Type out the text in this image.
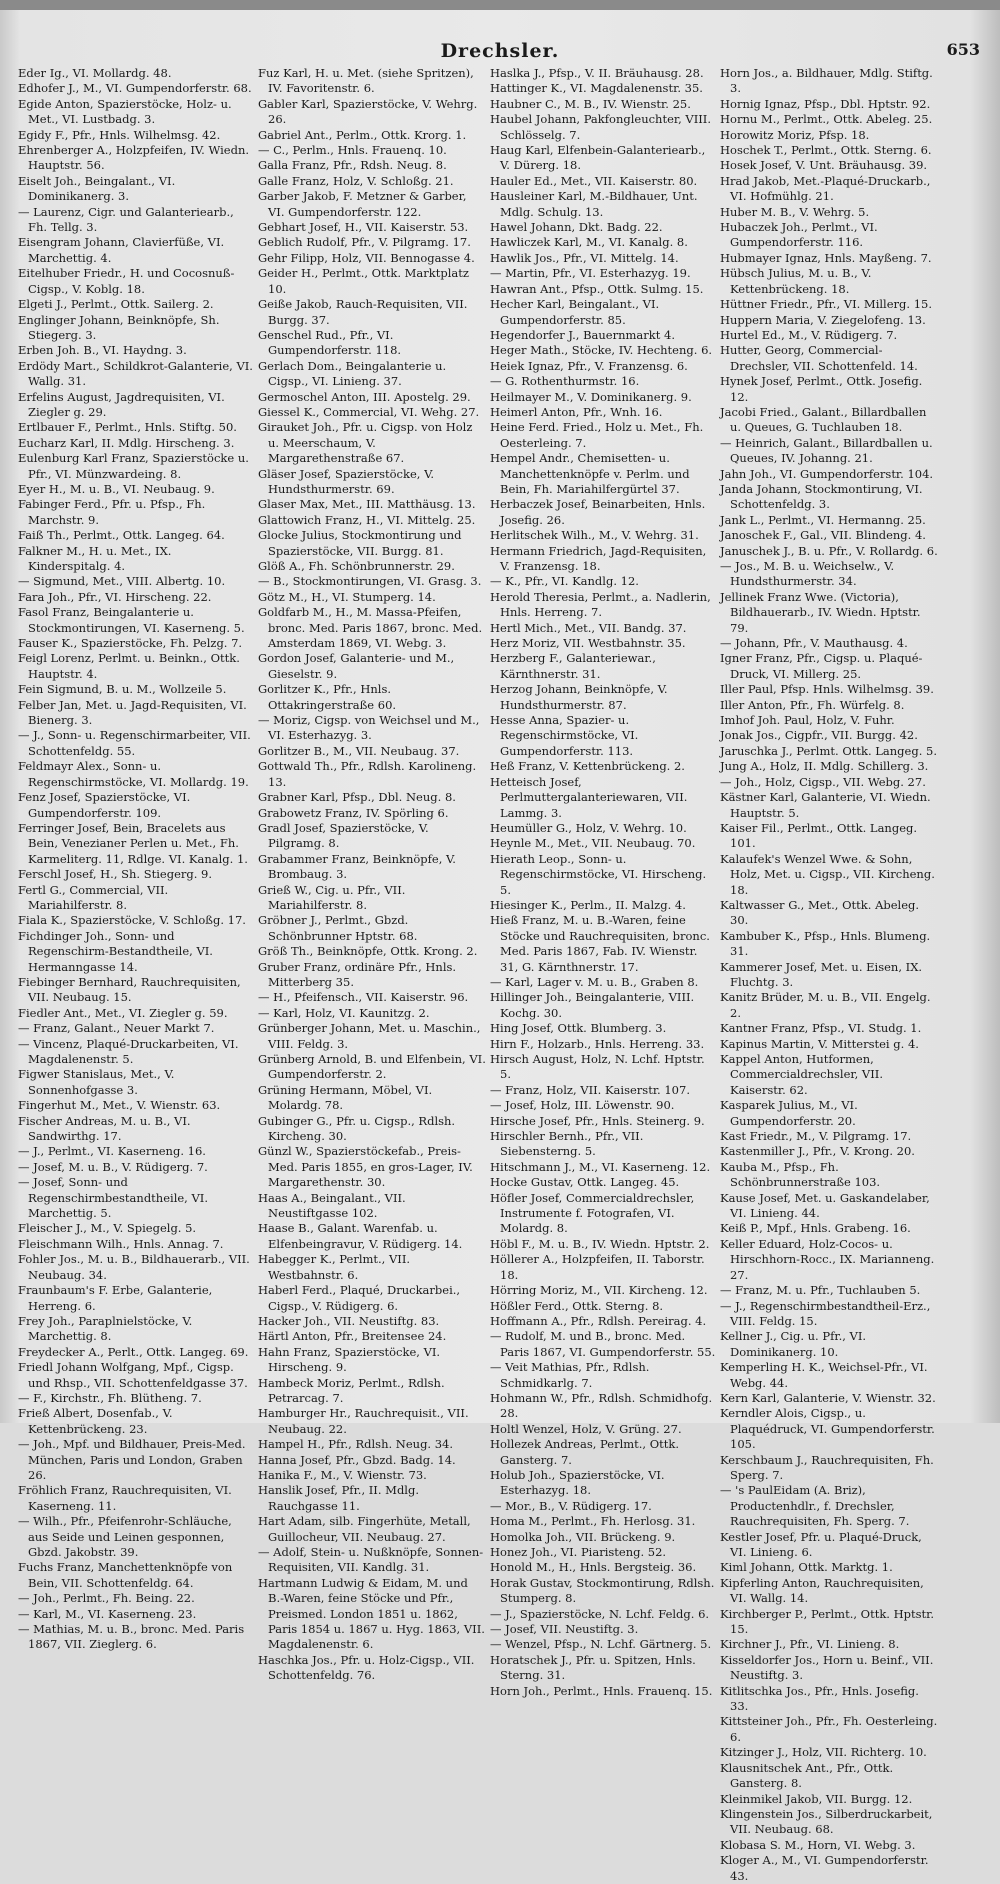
Drechsler.	653

Eder Ig., VI. Mollardg. 48.

Edhofer J., M., VI. Gumpendorferstr. 68.

Egide Anton, Spazierstöcke, Holz- u. Met., VI. Lustbadg. 3.

Egidy F., Pfr., Hnls. Wilhelmsg. 42.

Ehrenberger A., Holzpfeifen, IV. Wiedn. Hauptstr. 56.

Eiselt Joh., Beingalant., VI. Dominikanerg. 3.

— Laurenz, Cigr. und Galanteriearb., Fh. Tellg. 3.

Eisengram Johann, Clavierfüße, VI. Marchettig. 4.

Eitelhuber Friedr., H. und Cocosnuß-Cigsp., V. Koblg. 18.

Elgeti J., Perlmt., Ottk. Sailerg. 2.

Englinger Johann, Beinknöpfe, Sh. Stiegerg. 3.

Erben Joh. B., VI. Haydng. 3.

Erdödy Mart., Schildkrot-Galanterie, VI. Wallg. 31.

Erfelins August, Jagdrequisiten, VI. Ziegler g. 29.

Ertlbauer F., Perlmt., Hnls. Stiftg. 50.

Eucharz Karl, II. Mdlg. Hirscheng. 3.

Eulenburg Karl Franz, Spazierstöcke u. Pfr., VI. Münzwardeing. 8.

Eyer H., M. u. B., VI. Neubaug. 9.

Fabinger Ferd., Pfr. u. Pfsp., Fh. Marchstr. 9.

Faiß Th., Perlmt., Ottk. Langeg. 64.

Falkner M., H. u. Met., IX. Kinderspitalg. 4.

— Sigmund, Met., VIII. Albertg. 10.

Fara Joh., Pfr., VI. Hirscheng. 22.

Fasol Franz, Beingalanterie u. Stockmontirungen, VI. Kaserneng. 5.

Fauser K., Spazierstöcke, Fh. Pelzg. 7.

Feigl Lorenz, Perlmt. u. Beinkn., Ottk. Hauptstr. 4.

Fein Sigmund, B. u. M., Wollzeile 5.

Felber Jan, Met. u. Jagd-Requisiten, VI. Bienerg. 3.

— J., Sonn- u. Regenschirmarbeiter, VII. Schottenfeldg. 55.

Feldmayr Alex., Sonn- u. Regenschirmstöcke, VI. Mollardg. 19.

Fenz Josef, Spazierstöcke, VI. Gumpendorferstr. 109.

Ferringer Josef, Bein, Bracelets aus Bein, Venezianer Perlen u. Met., Fh. Karmeliterg. 11, Rdlge. VI. Kanalg. 1.

Ferschl Josef, H., Sh. Stiegerg. 9.

Fertl G., Commercial, VII. Mariahilferstr. 8.

Fiala K., Spazierstöcke, V. Schloßg. 17.

Fichdinger Joh., Sonn- und Regenschirm-Bestandtheile, VI. Hermanngasse 14.

Fiebinger Bernhard, Rauchrequisiten, VII. Neubaug. 15.

Fiedler Ant., Met., VI. Ziegler g. 59.

— Franz, Galant., Neuer Markt 7.

— Vincenz, Plaqué-Druckarbeiten, VI. Magdalenenstr. 5.

Figwer Stanislaus, Met., V. Sonnenhofgasse 3.

Fingerhut M., Met., V. Wienstr. 63.

Fischer Andreas, M. u. B., VI. Sandwirthg. 17.

— J., Perlmt., VI. Kaserneng. 16.

— Josef, M. u. B., V. Rüdigerg. 7.

— Josef, Sonn- und Regenschirmbestandtheile, VI. Marchettig. 5.

Fleischer J., M., V. Spiegelg. 5.

Fleischmann Wilh., Hnls. Annag. 7.

Fohler Jos., M. u. B., Bildhauerarb., VII. Neubaug. 34.

Fraunbaum's F. Erbe, Galanterie, Herreng. 6.

Frey Joh., Paraplnielstöcke, V. Marchettig. 8.

Freydecker A., Perlt., Ottk. Langeg. 69.

Friedl Johann Wolfgang, Mpf., Cigsp. und Rhsp., VII. Schottenfeldgasse 37.

— F., Kirchstr., Fh. Blütheng. 7.

Frieß Albert, Dosenfab., V. Kettenbrückeng. 23.

— Joh., Mpf. und Bildhauer, Preis-Med. München, Paris und London, Graben 26.

Fröhlich Franz, Rauchrequisiten, VI. Kaserneng. 11.

— Wilh., Pfr., Pfeifenrohr-Schläuche, aus Seide und Leinen gesponnen, Gbzd. Jakobstr. 39.

Fuchs Franz, Manchettenknöpfe von Bein, VII. Schottenfeldg. 64.

— Joh., Perlmt., Fh. Being. 22.

— Karl, M., VI. Kaserneng. 23.

— Mathias, M. u. B., bronc. Med. Paris 1867, VII. Zieglerg. 6.

Fuz Karl, H. u. Met. (siehe Spritzen), IV. Favoritenstr. 6.

Gabler Karl, Spazierstöcke, V. Wehrg. 26.

Gabriel Ant., Perlm., Ottk. Krorg. 1.

— C., Perlm., Hnls. Frauenq. 10.

Galla Franz, Pfr., Rdsh. Neug. 8.

Galle Franz, Holz, V. Schloßg. 21.

Garber Jakob, F. Metzner & Garber, VI. Gumpendorferstr. 122.

Gebhart Josef, H., VII. Kaiserstr. 53.

Geblich Rudolf, Pfr., V. Pilgramg. 17.

Gehr Filipp, Holz, VII. Bennogasse 4.

Geider H., Perlmt., Ottk. Marktplatz 10.

Geiße Jakob, Rauch-Requisiten, VII. Burgg. 37.

Genschel Rud., Pfr., VI. Gumpendorferstr. 118.

Gerlach Dom., Beingalanterie u. Cigsp., VI. Linieng. 37.

Germoschel Anton, III. Apostelg. 29.

Giessel K., Commercial, VI. Wehg. 27.

Girauket Joh., Pfr. u. Cigsp. von Holz u. Meerschaum, V. Margarethenstraße 67.

Gläser Josef, Spazierstöcke, V. Hundsthurmerstr. 69.

Glaser Max, Met., III. Matthäusg. 13.

Glattowich Franz, H., VI. Mittelg. 25.

Glocke Julius, Stockmontirung und Spazierstöcke, VII. Burgg. 81.

Glöß A., Fh. Schönbrunnerstr. 29.

— B., Stockmontirungen, VI. Grasg. 3.

Götz M., H., VI. Stumperg. 14.

Goldfarb M., H., M. Massa-Pfeifen, bronc. Med. Paris 1867, bronc. Med. Amsterdam 1869, VI. Webg. 3.

Gordon Josef, Galanterie- und M., Gieselstr. 9.

Gorlitzer K., Pfr., Hnls. Ottakringerstraße 60.

— Moriz, Cigsp. von Weichsel und M., VI. Esterhazyg. 3.

Gorlitzer B., M., VII. Neubaug. 37.

Gottwald Th., Pfr., Rdlsh. Karolineng. 13.

Grabner Karl, Pfsp., Dbl. Neug. 8.

Grabowetz Franz, IV. Spörling 6.

Gradl Josef, Spazierstöcke, V. Pilgramg. 8.

Grabammer Franz, Beinknöpfe, V. Brombaug. 3.

Grieß W., Cig. u. Pfr., VII. Mariahilferstr. 8.

Gröbner J., Perlmt., Gbzd. Schönbrunner Hptstr. 68.

Größ Th., Beinknöpfe, Ottk. Krong. 2.

Gruber Franz, ordinäre Pfr., Hnls. Mitterberg 35.

— H., Pfeifensch., VII. Kaiserstr. 96.

— Karl, Holz, VI. Kaunitzg. 2.

Grünberger Johann, Met. u. Maschin., VIII. Feldg. 3.

Grünberg Arnold, B. und Elfenbein, VI. Gumpendorferstr. 2.

Grüning Hermann, Möbel, VI. Molardg. 78.

Gubinger G., Pfr. u. Cigsp., Rdlsh. Kircheng. 30.

Günzl W., Spazierstöckefab., Preis-Med. Paris 1855, en gros-Lager, IV. Margarethenstr. 30.

Haas A., Beingalant., VII. Neustiftgasse 102.

Haase B., Galant. Warenfab. u. Elfenbeingravur, V. Rüdigerg. 14.

Habegger K., Perlmt., VII. Westbahnstr. 6.

Haberl Ferd., Plaqué, Druckarbei., Cigsp., V. Rüdigerg. 6.

Hacker Joh., VII. Neustiftg. 83.

Härtl Anton, Pfr., Breitensee 24.

Hahn Franz, Spazierstöcke, VI. Hirscheng. 9.

Hambeck Moriz, Perlmt., Rdlsh. Petrarcag. 7.

Hamburger Hr., Rauchrequisit., VII. Neubaug. 22.

Hampel H., Pfr., Rdlsh. Neug. 34.

Hanna Josef, Pfr., Gbzd. Badg. 14.

Hanika F., M., V. Wienstr. 73.

Hanslik Josef, Pfr., II. Mdlg. Rauchgasse 11.

Hart Adam, silb. Fingerhüte, Metall, Guillocheur, VII. Neubaug. 27.

— Adolf, Stein- u. Nußknöpfe, Sonnen-Requisiten, VII. Kandlg. 31.

Hartmann Ludwig & Eidam, M. und B.-Waren, feine Stöcke und Pfr., Preismed. London 1851 u. 1862, Paris 1854 u. 1867 u. Hyg. 1863, VII. Magdalenenstr. 6.

Haschka Jos., Pfr. u. Holz-Cigsp., VII. Schottenfeldg. 76.

Haslka J., Pfsp., V. II. Bräuhausg. 28.

Hattinger K., VI. Magdalenenstr. 35.

Haubner C., M. B., IV. Wienstr. 25.

Haubel Johann, Pakfongleuchter, VIII. Schlösselg. 7.

Haug Karl, Elfenbein-Galanteriearb., V. Dürerg. 18.

Hauler Ed., Met., VII. Kaiserstr. 80.

Hausleiner Karl, M.-Bildhauer, Unt. Mdlg. Schulg. 13.

Hawel Johann, Dkt. Badg. 22.

Hawliczek Karl, M., VI. Kanalg. 8.

Hawlik Jos., Pfr., VI. Mittelg. 14.

— Martin, Pfr., VI. Esterhazyg. 19.

Hawran Ant., Pfsp., Ottk. Sulmg. 15.

Hecher Karl, Beingalant., VI. Gumpendorferstr. 85.

Hegendorfer J., Bauernmarkt 4.

Heger Math., Stöcke, IV. Hechteng. 6.

Heiek Ignaz, Pfr., V. Franzensg. 6.

— G. Rothenthurmstr. 16.

Heilmayer M., V. Dominikanerg. 9.

Heimerl Anton, Pfr., Wnh. 16.

Heine Ferd. Fried., Holz u. Met., Fh. Oesterleing. 7.

Hempel Andr., Chemisetten- u. Manchettenknöpfe v. Perlm. und Bein, Fh. Mariahilfergürtel 37.

Herbaczek Josef, Beinarbeiten, Hnls. Josefig. 26.

Herlitschek Wilh., M., V. Wehrg. 31.

Hermann Friedrich, Jagd-Requisiten, V. Franzensg. 18.

— K., Pfr., VI. Kandlg. 12.

Herold Theresia, Perlmt., a. Nadlerin, Hnls. Herreng. 7.

Hertl Mich., Met., VII. Bandg. 37.

Herz Moriz, VII. Westbahnstr. 35.

Herzberg F., Galanteriewar., Kärnthnerstr. 31.

Herzog Johann, Beinknöpfe, V. Hundsthurmerstr. 87.

Hesse Anna, Spazier- u. Regenschirmstöcke, VI. Gumpendorferstr. 113.

Heß Franz, V. Kettenbrückeng. 2.

Hetteisch Josef, Perlmuttergalanteriewaren, VII. Lammg. 3.

Heumüller G., Holz, V. Wehrg. 10.

Heynle M., Met., VII. Neubaug. 70.

Hierath Leop., Sonn- u. Regenschirmstöcke, VI. Hirscheng. 5.

Hiesinger K., Perlm., II. Malzg. 4.

Hieß Franz, M. u. B.-Waren, feine Stöcke und Rauchrequisiten, bronc. Med. Paris 1867, Fab. IV. Wienstr. 31, G. Kärnthnerstr. 17.

— Karl, Lager v. M. u. B., Graben 8.

Hillinger Joh., Beingalanterie, VIII. Kochg. 30.

Hing Josef, Ottk. Blumberg. 3.

Hirn F., Holzarb., Hnls. Herreng. 33.

Hirsch August, Holz, N. Lchf. Hptstr. 5.

— Franz, Holz, VII. Kaiserstr. 107.

— Josef, Holz, III. Löwenstr. 90.

Hirsche Josef, Pfr., Hnls. Steinerg. 9.

Hirschler Bernh., Pfr., VII. Siebensterng. 5.

Hitschmann J., M., VI. Kaserneng. 12.

Hocke Gustav, Ottk. Langeg. 45.

Höfler Josef, Commercialdrechsler, Instrumente f. Fotografen, VI. Molardg. 8.

Höbl F., M. u. B., IV. Wiedn. Hptstr. 2.

Höllerer A., Holzpfeifen, II. Taborstr. 18.

Hörring Moriz, M., VII. Kircheng. 12.

Hößler Ferd., Ottk. Sterng. 8.

Hoffmann A., Pfr., Rdlsh. Pereirag. 4.

— Rudolf, M. und B., bronc. Med. Paris 1867, VI. Gumpendorferstr. 55.

— Veit Mathias, Pfr., Rdlsh. Schmidkarlg. 7.

Hohmann W., Pfr., Rdlsh. Schmidhofg. 28.

Holtl Wenzel, Holz, V. Grüng. 27.

Hollezek Andreas, Perlmt., Ottk. Gansterg. 7.

Holub Joh., Spazierstöcke, VI. Esterhazyg. 18.

— Mor., B., V. Rüdigerg. 17.

Homa M., Perlmt., Fh. Herlosg. 31.

Homolka Joh., VII. Brückeng. 9.

Honez Joh., VI. Piaristeng. 52.

Honold M., H., Hnls. Bergsteig. 36.

Horak Gustav, Stockmontirung, Rdlsh. Stumperg. 8.

— J., Spazierstöcke, N. Lchf. Feldg. 6.

— Josef, VII. Neustiftg. 3.

— Wenzel, Pfsp., N. Lchf. Gärtnerg. 5.

Horatschek J., Pfr. u. Spitzen, Hnls. Sterng. 31.

Horn Joh., Perlmt., Hnls. Frauenq. 15.

Horn Jos., a. Bildhauer, Mdlg. Stiftg. 3.

Hornig Ignaz, Pfsp., Dbl. Hptstr. 92.

Hornu M., Perlmt., Ottk. Abeleg. 25.

Horowitz Moriz, Pfsp. 18.

Hoschek T., Perlmt., Ottk. Sterng. 6.

Hosek Josef, V. Unt. Bräuhausg. 39.

Hrad Jakob, Met.-Plaqué-Druckarb., VI. Hofmühlg. 21.

Huber M. B., V. Wehrg. 5.

Hubaczek Joh., Perlmt., VI. Gumpendorferstr. 116.

Hubmayer Ignaz, Hnls. Mayßeng. 7.

Hübsch Julius, M. u. B., V. Kettenbrückeng. 18.

Hüttner Friedr., Pfr., VI. Millerg. 15.

Huppern Maria, V. Ziegelofeng. 13.

Hurtel Ed., M., V. Rüdigerg. 7.

Hutter, Georg, Commercial-Drechsler, VII. Schottenfeld. 14.

Hynek Josef, Perlmt., Ottk. Josefig. 12.

Jacobi Fried., Galant., Billardballen u. Queues, G. Tuchlauben 18.

— Heinrich, Galant., Billardballen u. Queues, IV. Johanng. 21.

Jahn Joh., VI. Gumpendorferstr. 104.

Janda Johann, Stockmontirung, VI. Schottenfeldg. 3.

Jank L., Perlmt., VI. Hermanng. 25.

Janoschek F., Gal., VII. Blindeng. 4.

Januschek J., B. u. Pfr., V. Rollardg. 6.

— Jos., M. B. u. Weichselw., V. Hundsthurmerstr. 34.

Jellinek Franz Wwe. (Victoria), Bildhauerarb., IV. Wiedn. Hptstr. 79.

— Johann, Pfr., V. Mauthausg. 4.

Igner Franz, Pfr., Cigsp. u. Plaqué-Druck, VI. Millerg. 25.

Iller Paul, Pfsp. Hnls. Wilhelmsg. 39.

Iller Anton, Pfr., Fh. Würfelg. 8.

Imhof Joh. Paul, Holz, V. Fuhr.

Jonak Jos., Cigpfr., VII. Burgg. 42.

Jaruschka J., Perlmt. Ottk. Langeg. 5.

Jung A., Holz, II. Mdlg. Schillerg. 3.

— Joh., Holz, Cigsp., VII. Webg. 27.

Kästner Karl, Galanterie, VI. Wiedn. Hauptstr. 5.

Kaiser Fil., Perlmt., Ottk. Langeg. 101.

Kalaufek's Wenzel Wwe. & Sohn, Holz, Met. u. Cigsp., VII. Kircheng. 18.

Kaltwasser G., Met., Ottk. Abeleg. 30.

Kambuber K., Pfsp., Hnls. Blumeng. 31.

Kammerer Josef, Met. u. Eisen, IX. Fluchtg. 3.

Kanitz Brüder, M. u. B., VII. Engelg. 2.

Kantner Franz, Pfsp., VI. Studg. 1.

Kapinus Martin, V. Mitterstei g. 4.

Kappel Anton, Hutformen, Commercialdrechsler, VII. Kaiserstr. 62.

Kasparek Julius, M., VI. Gumpendorferstr. 20.

Kast Friedr., M., V. Pilgramg. 17.

Kastenmiller J., Pfr., V. Krong. 20.

Kauba M., Pfsp., Fh. Schönbrunnerstraße 103.

Kause Josef, Met. u. Gaskandelaber, VI. Linieng. 44.

Keiß P., Mpf., Hnls. Grabeng. 16.

Keller Eduard, Holz-Cocos- u. Hirschhorn-Rocc., IX. Marianneng. 27.

— Franz, M. u. Pfr., Tuchlauben 5.

— J., Regenschirmbestandtheil-Erz., VIII. Feldg. 15.

Kellner J., Cig. u. Pfr., VI. Dominikanerg. 10.

Kemperling H. K., Weichsel-Pfr., VI. Webg. 44.

Kern Karl, Galanterie, V. Wienstr. 32.

Kerndler Alois, Cigsp., u. Plaquédruck, VI. Gumpendorferstr. 105.

Kerschbaum J., Rauchrequisiten, Fh. Sperg. 7.

— 's PaulEidam (A. Briz), Productenhdlr., f. Drechsler, Rauchrequisiten, Fh. Sperg. 7.

Kestler Josef, Pfr. u. Plaqué-Druck, VI. Linieng. 6.

Kiml Johann, Ottk. Marktg. 1.

Kipferling Anton, Rauchrequisiten, VI. Wallg. 14.

Kirchberger P., Perlmt., Ottk. Hptstr. 15.

Kirchner J., Pfr., VI. Linieng. 8.

Kisseldorfer Jos., Horn u. Beinf., VII. Neustiftg. 3.

Kitlitschka Jos., Pfr., Hnls. Josefig. 33.

Kittsteiner Joh., Pfr., Fh. Oesterleing. 6.

Kitzinger J., Holz, VII. Richterg. 10.

Klausnitschek Ant., Pfr., Ottk. Gansterg. 8.

Kleinmikel Jakob, VII. Burgg. 12.

Klingenstein Jos., Silberdruckarbeit, VII. Neubaug. 68.

Klobasa S. M., Horn, VI. Webg. 3.

Kloger A., M., VI. Gumpendorferstr. 43.
